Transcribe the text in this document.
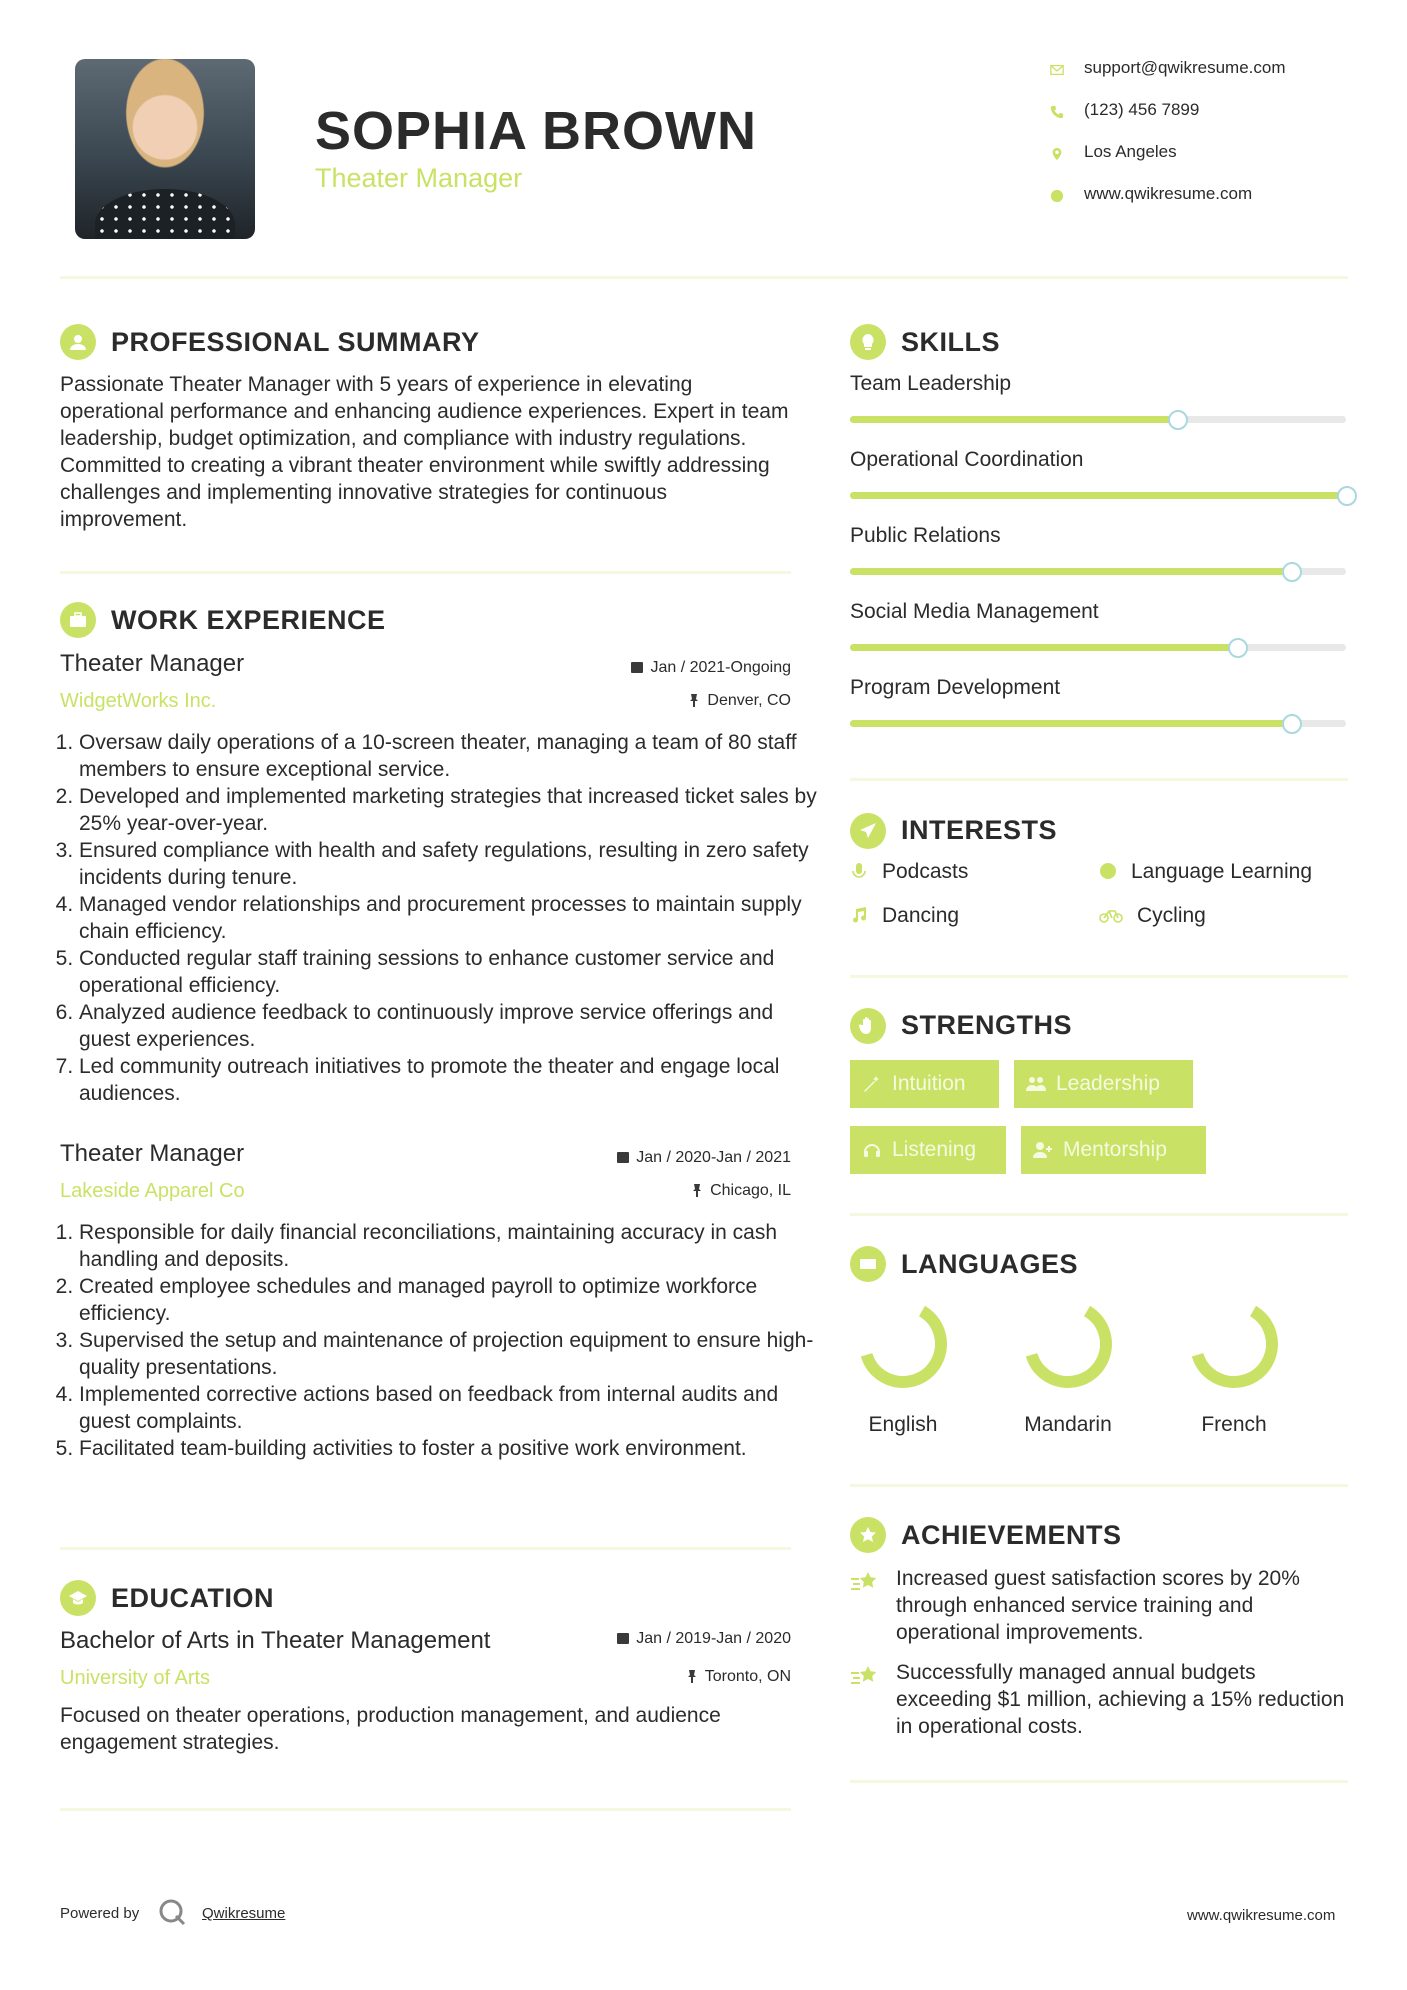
SOPHIA BROWN
Theater Manager
support@qwikresume.com
(123) 456 7899
Los Angeles
www.qwikresume.com
PROFESSIONAL SUMMARY
Passionate Theater Manager with 5 years of experience in elevating operational performance and enhancing audience experiences. Expert in team leadership, budget optimization, and compliance with industry regulations. Committed to creating a vibrant theater environment while swiftly addressing challenges and implementing innovative strategies for continuous improvement.
WORK EXPERIENCE
Theater Manager	Jan / 2021-Ongoing
WidgetWorks Inc.	Denver, CO
1. Oversaw daily operations of a 10-screen theater, managing a team of 80 staff members to ensure exceptional service.
2. Developed and implemented marketing strategies that increased ticket sales by 25% year-over-year.
3. Ensured compliance with health and safety regulations, resulting in zero safety incidents during tenure.
4. Managed vendor relationships and procurement processes to maintain supply chain efficiency.
5. Conducted regular staff training sessions to enhance customer service and operational efficiency.
6. Analyzed audience feedback to continuously improve service offerings and guest experiences.
7. Led community outreach initiatives to promote the theater and engage local audiences.
Theater Manager	Jan / 2020-Jan / 2021
Lakeside Apparel Co	Chicago, IL
1. Responsible for daily financial reconciliations, maintaining accuracy in cash handling and deposits.
2. Created employee schedules and managed payroll to optimize workforce efficiency.
3. Supervised the setup and maintenance of projection equipment to ensure high-quality presentations.
4. Implemented corrective actions based on feedback from internal audits and guest complaints.
5. Facilitated team-building activities to foster a positive work environment.
EDUCATION
Bachelor of Arts in Theater Management	Jan / 2019-Jan / 2020
University of Arts	Toronto, ON
Focused on theater operations, production management, and audience engagement strategies.
SKILLS
Team Leadership
Operational Coordination
Public Relations
Social Media Management
Program Development
INTERESTS
Podcasts	Language Learning
Dancing	Cycling
STRENGTHS
Intuition	Leadership
Listening	Mentorship
LANGUAGES
English	Mandarin	French
ACHIEVEMENTS
Increased guest satisfaction scores by 20% through enhanced service training and operational improvements.
Successfully managed annual budgets exceeding $1 million, achieving a 15% reduction in operational costs.
Powered by	Qwikresume	www.qwikresume.com
